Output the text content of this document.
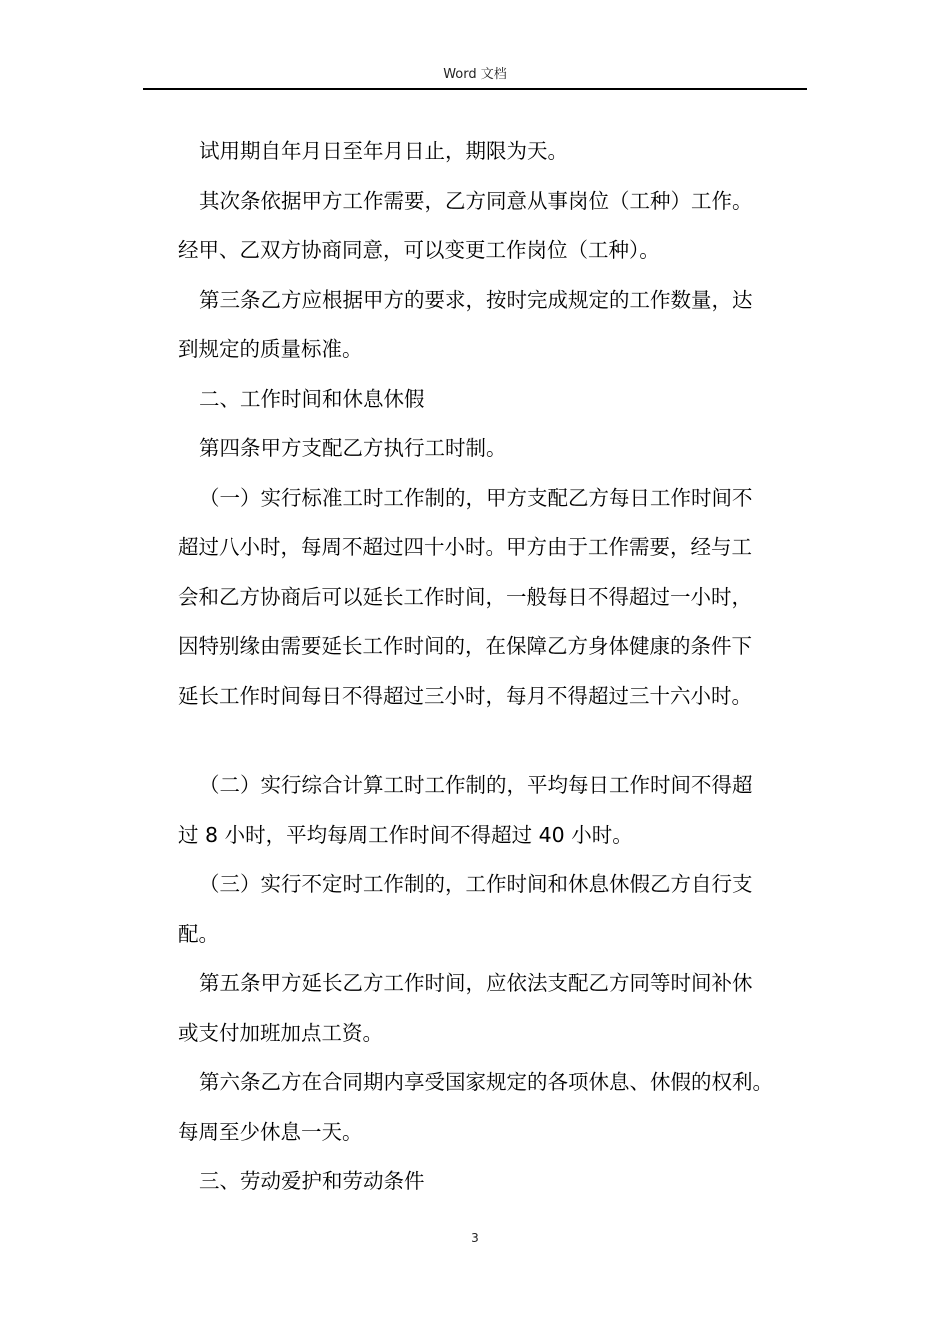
Word 文档
试用期自年月日至年月日止，期限为天。
其次条依据甲方工作需要，乙方同意从事岗位（工种）工作。
经甲、乙双方协商同意，可以变更工作岗位（工种）。
第三条乙方应根据甲方的要求，按时完成规定的工作数量，达
到规定的质量标准。
二、工作时间和休息休假
第四条甲方支配乙方执行工时制。
（一）实行标准工时工作制的，甲方支配乙方每日工作时间不
超过八小时，每周不超过四十小时。甲方由于工作需要，经与工
会和乙方协商后可以延长工作时间，一般每日不得超过一小时，
因特别缘由需要延长工作时间的，在保障乙方身体健康的条件下
延长工作时间每日不得超过三小时，每月不得超过三十六小时。
（二）实行综合计算工时工作制的，平均每日工作时间不得超
过 8 小时，平均每周工作时间不得超过 40 小时。
（三）实行不定时工作制的，工作时间和休息休假乙方自行支
配。
第五条甲方延长乙方工作时间，应依法支配乙方同等时间补休
或支付加班加点工资。
第六条乙方在合同期内享受国家规定的各项休息、休假的权利。
每周至少休息一天。
三、劳动爱护和劳动条件
3
